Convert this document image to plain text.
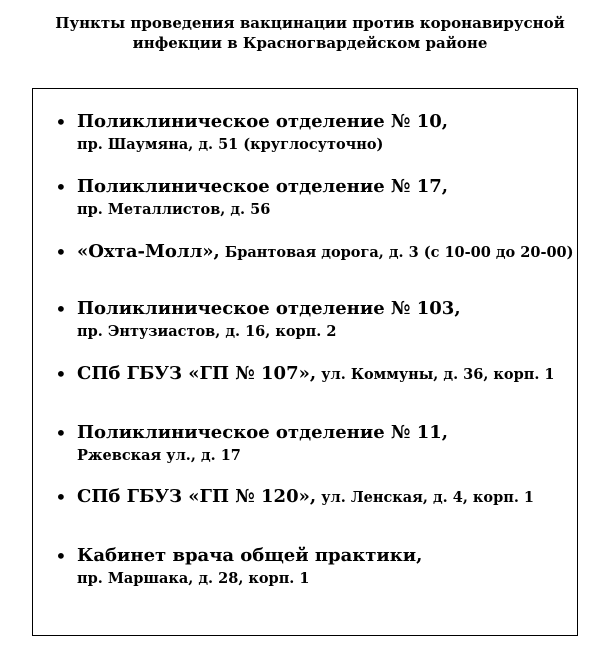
Пункты проведения вакцинации против коронавирусной
инфекции в Красногвардейском районе
• Поликлиническое отделение № 10,
пр. Шаумяна, д. 51 (круглосуточно)
• Поликлиническое отделение № 17,
пр. Металлистов, д. 56
• «Охта-Молл», Брантовая дорога, д. 3 (с 10-00 до 20-00)
• Поликлиническое отделение № 103,
пр. Энтузиастов, д. 16, корп. 2
• СПб ГБУЗ «ГП № 107», ул. Коммуны, д. 36, корп. 1
• Поликлиническое отделение № 11,
Ржевская ул., д. 17
• СПб ГБУЗ «ГП № 120», ул. Ленская, д. 4, корп. 1
• Кабинет врача общей практики,
пр. Маршака, д. 28, корп. 1
